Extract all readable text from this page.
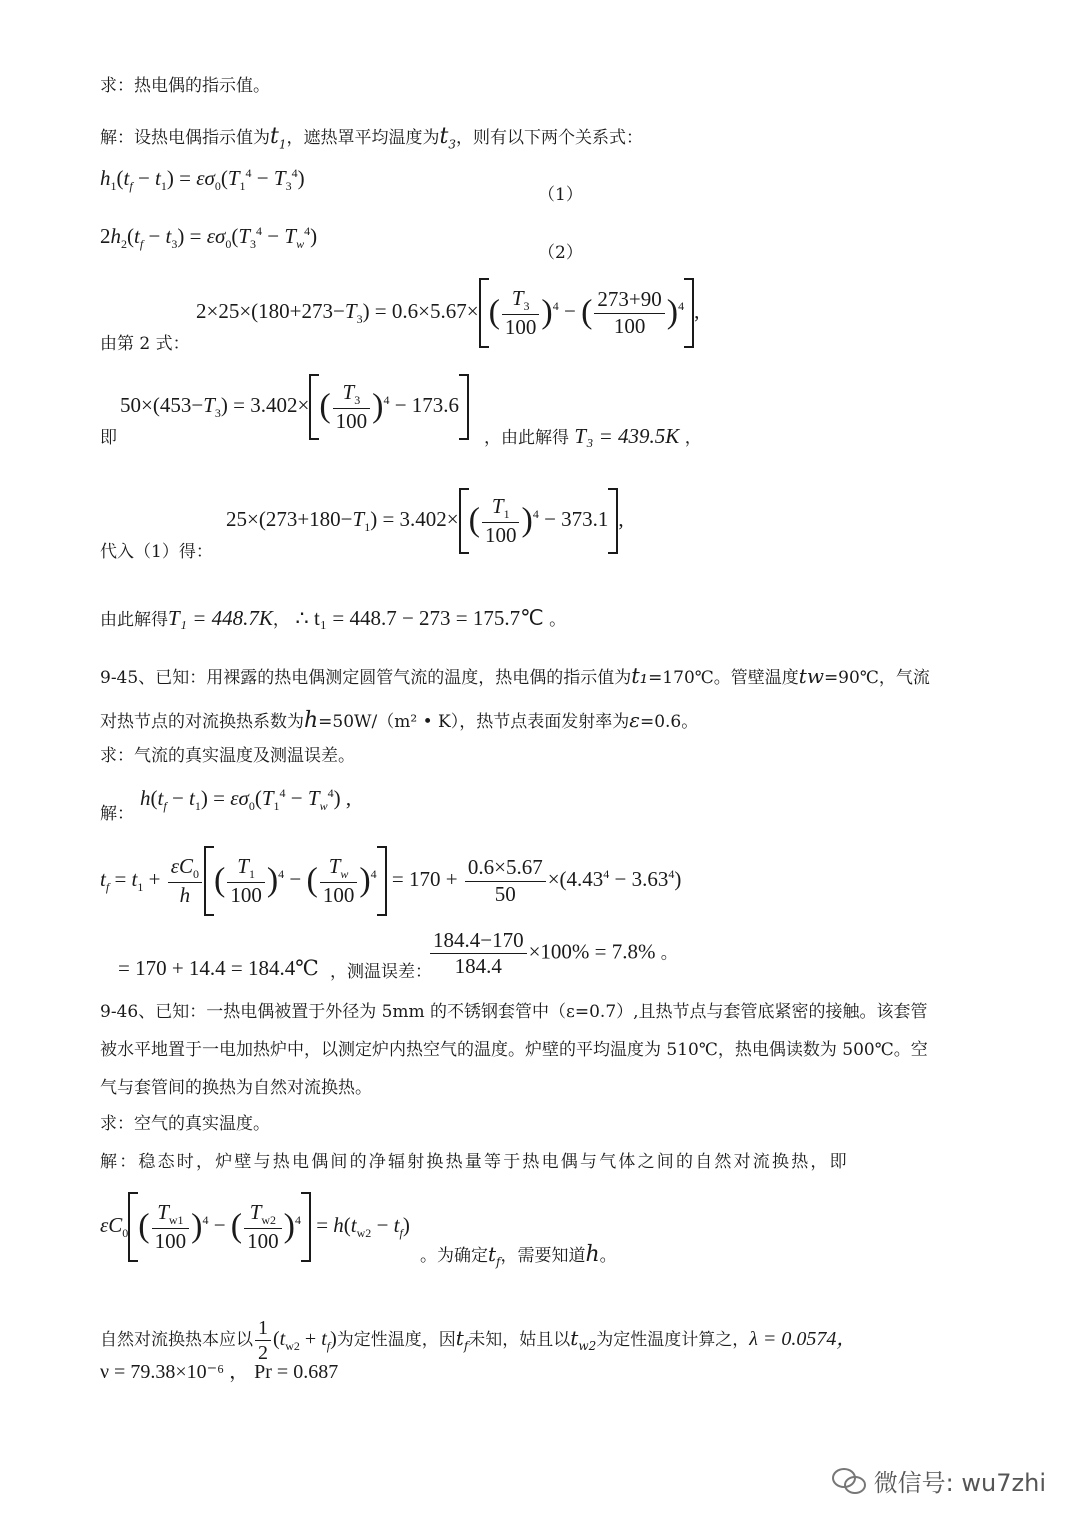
求：热电偶的指示值。
解：设热电偶指示值为$t_1$，遮热罩平均温度为$t_3$，则有以下两个关系式：
$h_1(t_f - t_1) = \varepsilon\sigma_0(T_1^4 - T_3^4)$
（1）
$2h_2(t_f - t_3) = \varepsilon\sigma_0(T_3^4 - T_w^4)$
（2）
$2\times 25\times(180+273-T_3) = 0.6\times 5.67\times$ ( $\frac{T_3}{100} )^4$ − ( $\frac{273+90}{100} )^4$ ,
由第 2 式：
$50\times(453-T_3) = 3.402\times$ ( $\frac{T_3}{100} )^4 - 173.6$
即	，由此解得 T₃ = 439.5K ，
$25\times(273+180-T_1) = 3.402\times$ ( $\frac{T_1}{100} )^4 - 373.1$ ,
代入（1）得：
由此解得T₁ = 448.7K， ∴ t₁ = 448.7 − 273 = 175.7℃ 。
9-45、已知：用裸露的热电偶测定圆管气流的温度，热电偶的指示值为t₁=170℃。管壁温度tw=90℃，气流
对热节点的对流换热系数为h=50W/（m² • K），热节点表面发射率为ε=0.6。
求：气流的真实温度及测温误差。
解：
$h(t_f - t_1) = \varepsilon\sigma_0(T_1^4 - T_w^4)$ ,
$t_f = t_1 + \frac{\varepsilon C_0}{h}$ ( $\frac{T_1}{100} )^4$ − ( $\frac{T_w}{100} )^4 = 170 + \frac{0.6\times 5.67}{50} \times(4.43^4 - 3.63^4)$
= 170 + 14.4 = 184.4℃ ，测温误差：
$\frac{184.4-170}{184.4} \times 100\% = 7.8\%$ 。
9-46、已知：一热电偶被置于外径为 5mm 的不锈钢套管中（ε=0.7）,且热节点与套管底紧密的接触。该套管
被水平地置于一电加热炉中，以测定炉内热空气的温度。炉壁的平均温度为 510℃，热电偶读数为 500℃。空
气与套管间的换热为自然对流换热。
求：空气的真实温度。
解：稳态时，炉壁与热电偶间的净辐射换热量等于热电偶与气体之间的自然对流换热，即
$\varepsilon C_0$ ( $\frac{T_{w1}}{100} )^4$ − ( $\frac{T_{w2}}{100} )^4 = h(t_{w2} - t_f)$
。为确定$t_f$，需要知道h。
自然对流换热本应以 $\frac{1}{2} (t_{w2} + t_f)$为定性温度，因$t_f$未知，姑且以$t_{w2}$为定性温度计算之，λ = 0.0574，
ν = 79.38×10⁻⁶ ， Pr = 0.687
微信号: wu7zhi
